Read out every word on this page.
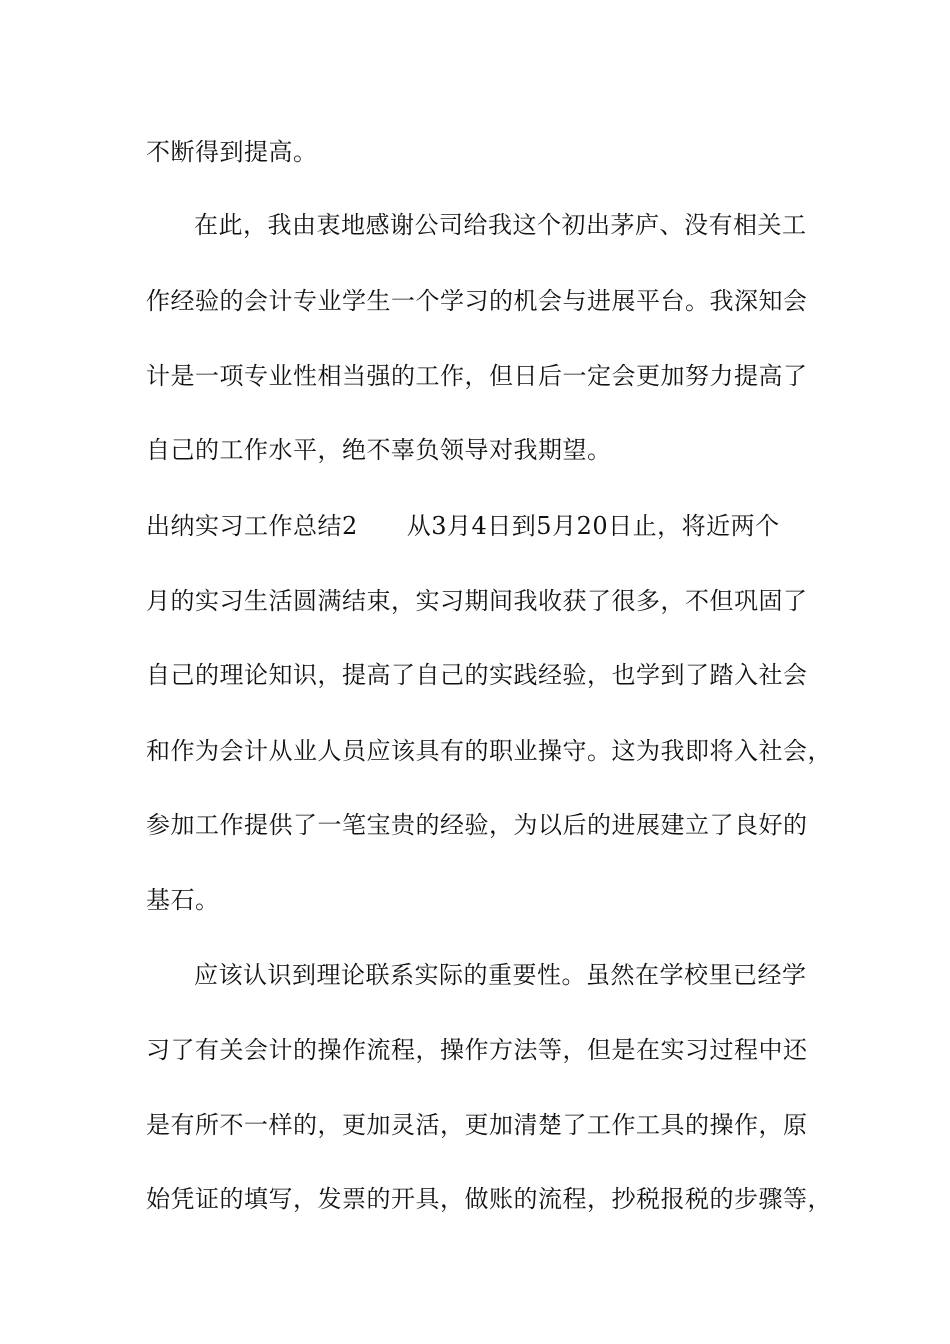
不断得到提高。
在此，我由衷地感谢公司给我这个初出茅庐、没有相关工
作经验的会计专业学生一个学习的机会与进展平台。我深知会
计是一项专业性相当强的工作，但日后一定会更加努力提高了
自己的工作水平，绝不辜负领导对我期望。
出纳实习工作总结2　　从3月4日到5月20日止，将近两个
月的实习生活圆满结束，实习期间我收获了很多，不但巩固了
自己的理论知识，提高了自己的实践经验，也学到了踏入社会
和作为会计从业人员应该具有的职业操守。这为我即将入社会，
参加工作提供了一笔宝贵的经验，为以后的进展建立了良好的
基石。
应该认识到理论联系实际的重要性。虽然在学校里已经学
习了有关会计的操作流程，操作方法等，但是在实习过程中还
是有所不一样的，更加灵活，更加清楚了工作工具的操作，原
始凭证的填写，发票的开具，做账的流程，抄税报税的步骤等，
